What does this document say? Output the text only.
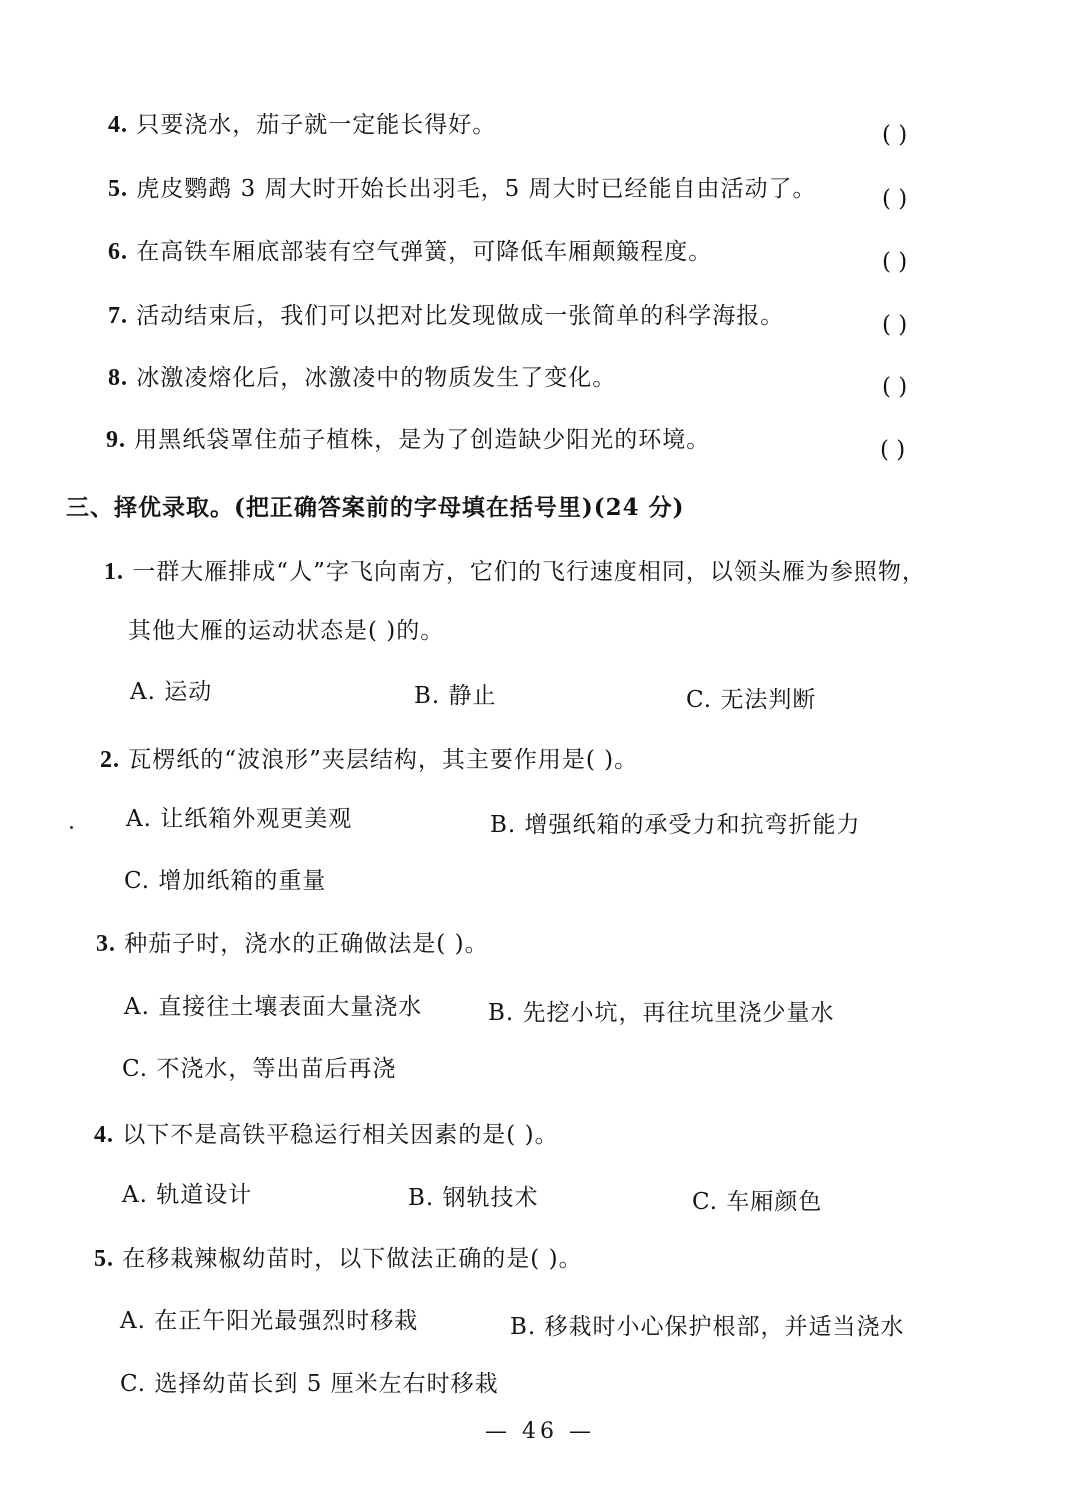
4. 只要浇水，茄子就一定能长得好。	( )
5. 虎皮鹦鹉 3 周大时开始长出羽毛，5 周大时已经能自由活动了。	( )
6. 在高铁车厢底部装有空气弹簧，可降低车厢颠簸程度。	( )
7. 活动结束后，我们可以把对比发现做成一张简单的科学海报。	( )
8. 冰激凌熔化后，冰激凌中的物质发生了变化。	( )
9. 用黑纸袋罩住茄子植株，是为了创造缺少阳光的环境。	( )
三、择优录取。(把正确答案前的字母填在括号里)(24 分)
1. 一群大雁排成“人”字飞向南方，它们的飞行速度相同，以领头雁为参照物，
其他大雁的运动状态是( )的。
A. 运动	B. 静止	C. 无法判断
2. 瓦楞纸的“波浪形”夹层结构，其主要作用是( )。
A. 让纸箱外观更美观	B. 增强纸箱的承受力和抗弯折能力
C. 增加纸箱的重量
3. 种茄子时，浇水的正确做法是( )。
A. 直接往土壤表面大量浇水	B. 先挖小坑，再往坑里浇少量水
C. 不浇水，等出苗后再浇
4. 以下不是高铁平稳运行相关因素的是( )。
A. 轨道设计	B. 钢轨技术	C. 车厢颜色
5. 在移栽辣椒幼苗时，以下做法正确的是( )。
A. 在正午阳光最强烈时移栽	B. 移栽时小心保护根部，并适当浇水
C. 选择幼苗长到 5 厘米左右时移栽
— 46 —
